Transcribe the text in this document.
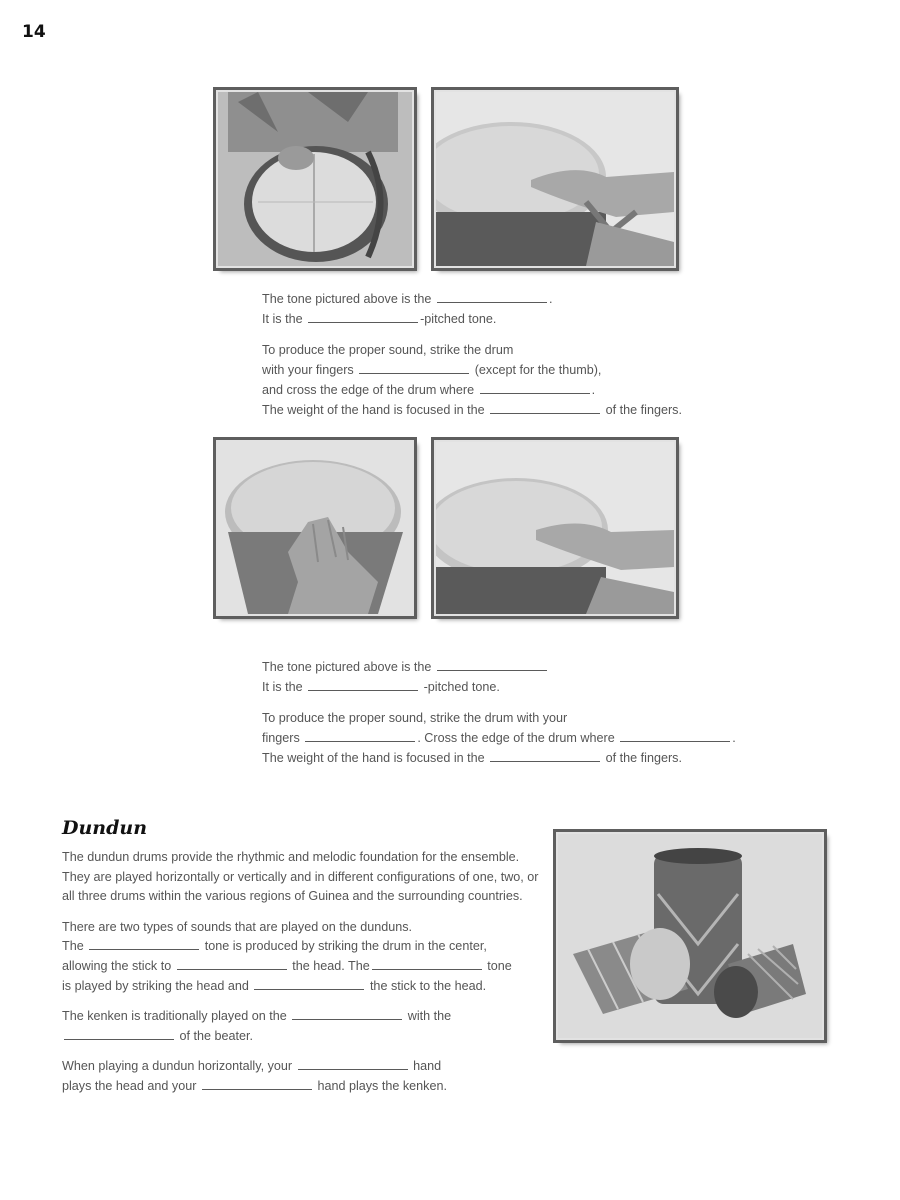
14

The tone pictured above is the	.

It is the	-pitched tone.

To produce the proper sound, strike the drum

with your fingers	(except for the thumb),

and cross the edge of the drum where	.

The weight of the hand is focused in the	of the fingers.

The tone pictured above is the

It is the	-pitched tone.

To produce the proper sound, strike the drum with your

fingers	. Cross the edge of the drum where	.

The weight of the hand is focused in the	of the fingers.

Dundun

The dundun drums provide the rhythmic and melodic foundation for the ensemble. They are played horizontally or vertically and in different configurations of one, two, or all three drums within the various regions of Guinea and the surrounding countries.

There are two types of sounds that are played on the dunduns.
The	tone is produced by striking the drum in the center,
allowing the stick to	the head. The	tone
is played by striking the head and	the stick to the head.

The kenken is traditionally played on the	with the
of the beater.

When playing a dundun horizontally, your	hand
plays the head and your	hand plays the kenken.
